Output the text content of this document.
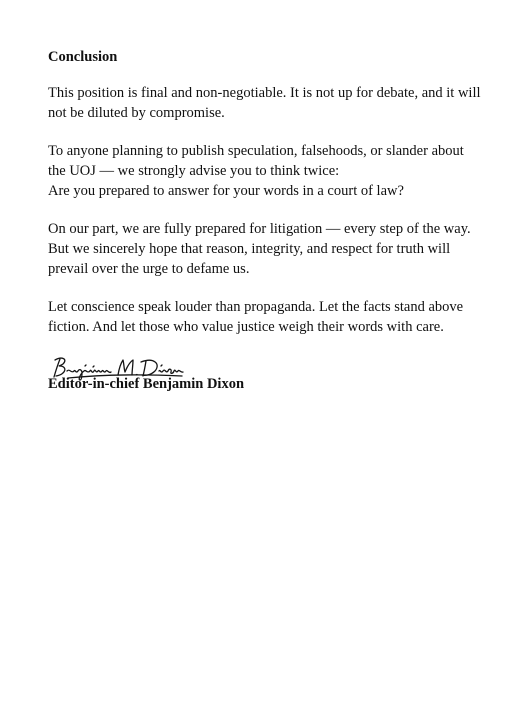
Conclusion
This position is final and non-negotiable. It is not up for debate, and it will
not be diluted by compromise.
To anyone planning to publish speculation, falsehoods, or slander about
the UOJ — we strongly advise you to think twice:
Are you prepared to answer for your words in a court of law?
On our part, we are fully prepared for litigation — every step of the way.
But we sincerely hope that reason, integrity, and respect for truth will
prevail over the urge to defame us.
Let conscience speak louder than propaganda. Let the facts stand above
fiction. And let those who value justice weigh their words with care.
Editor-in-chief Benjamin Dixon
